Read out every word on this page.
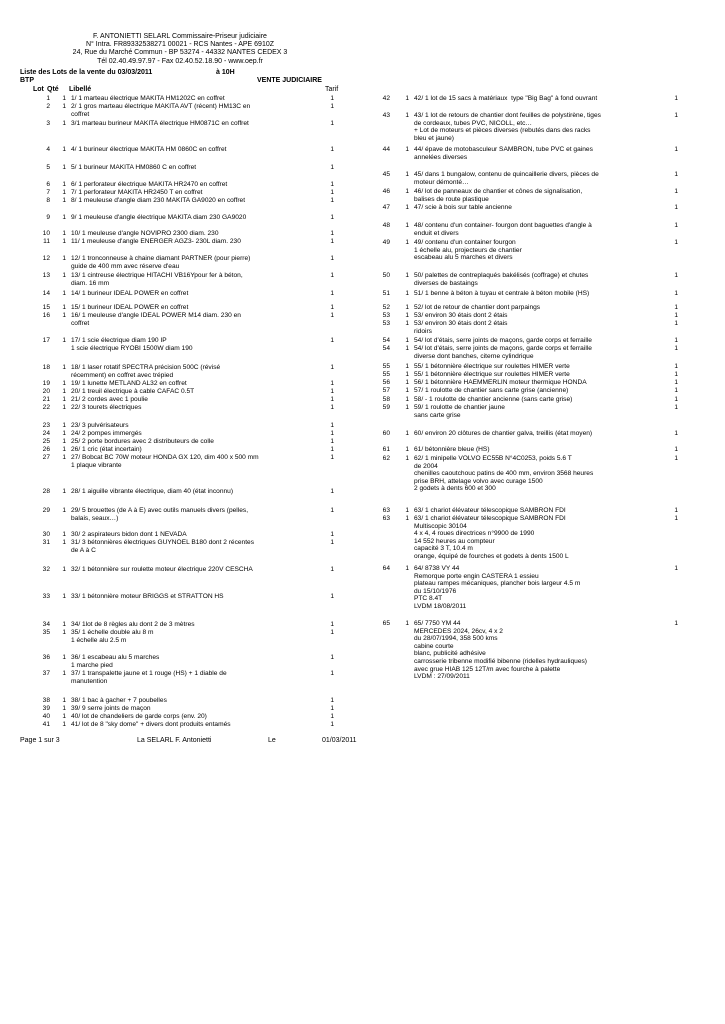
F. ANTONIETTI SELARL Commissaire-Priseur judiciaire
N° Intra. FR89332538271 00021 - RCS Nantes - APE 6910Z
24, Rue du Marché Commun - BP 53274 - 44332 NANTES CEDEX 3
Tél 02.40.49.97.97 - Fax 02.40.52.18.90 - www.oep.fr
Liste des Lots de la vente du 03/03/2011	à 10H
BTP	VENTE JUDICIAIRE
Lot Qté Libellé	Tarif
1	1 1/ 1 marteau électrique MAKITA HM1202C en coffret	1
2	1 2/ 1 gros marteau électrique MAKITA AVT (récent) HM13C en
coffret
1
3	1 3/1 marteau burineur MAKITA électrique HM0871C en coffret	1
4	1 4/ 1 burineur électrique MAKITA HM 0860C en coffret	1
5	1 5/ 1 burineur MAKITA HM0860 C en coffret	1
6	1 6/ 1 perforateur électrique MAKITA HR2470 en coffret	1
7	1 7/ 1 perforateur MAKITA HR2450 T en coffret	1
8	1 8/ 1 meuleuse d'angle diam 230 MAKITA GA9020 en coffret	1
9	1 9/ 1 meuleuse d'angle électrique MAKITA diam 230 GA9020	1
10	1 10/ 1 meuleuse d'angle NOVIPRO 2300 diam. 230	1
11	1 11/ 1 meuleuse d'angle ENERGER AGZ3- 230L diam. 230	1
12	1 12/ 1 tronconneuse à chaine diamant PARTNER (pour pierre)
guide de 400 mm avec réserve d'eau
1
13	1 13/ 1 cintreuse électrique HITACHI VB16Ypour fer à béton,
diam. 16 mm
1
14	1 14/ 1 burineur IDEAL POWER en coffret	1
15	1 15/ 1 burineur IDEAL POWER en coffret	1
16	1 16/ 1 meuleuse d'angle IDEAL POWER M14 diam. 230 en
coffret
1
17	1 17/ 1 scie électrique diam 190 IP
1 scie électrique RYOBI 1500W diam 190
1
18	1 18/ 1 laser rotatif SPECTRA précision 500C (révisé
récemment) en coffret avec trépied
1
19	1 19/ 1 lunette METLAND AL32 en coffret	1
20	1 20/ 1 treuil électrique à cable CAFAC 0.5T	1
21	1 21/ 2 cordes avec 1 poulie	1
22	1 22/ 3 tourets électriques	1
23	1 23/ 3 pulvérisateurs	1
24	1 24/ 2 pompes immergés	1
25	1 25/ 2 porte bordures avec 2 distributeurs de colle	1
26	1 26/ 1 cric (état incertain)	1
27	1 27/ Bobcat BC 70W moteur HONDA GX 120, dim 400 x 500 mm
1 plaque vibrante
1
28	1 28/ 1 aiguille vibrante électrique, diam 40 (état inconnu)	1
29	1 29/ 5 brouettes (de A à E) avec outils manuels divers (pelles,
balais, seaux…)
1
30	1 30/ 2 aspirateurs bidon dont 1 NEVADA	1
31	1 31/ 3 bétonnières électriques GUYNOEL B180 dont 2 récentes
de A à C
1
32	1 32/ 1 bétonnière sur roulette moteur électrique 220V CESCHA	1
33	1 33/ 1 bétonnière moteur BRIGGS et STRATTON HS	1
34	1 34/ 1lot de 8 règles alu dont 2 de 3 mètres	1
35	1 35/ 1 échelle double alu 8 m
1 échelle alu 2.5 m
1
36	1 36/ 1 escabeau alu 5 marches
1 marche pied
1
37	1 37/ 1 transpalette jaune et 1 rouge (HS) + 1 diable de
manutention
1
38	1 38/ 1 bac à gacher + 7 poubelles	1
39	1 39/ 9 serre joints de maçon	1
40	1 40/ lot de chandeliers de garde corps (env. 20)	1
41	1 41/ lot de 8 "sky dome" + divers dont produits entamés	1
42	1 42/ 1 lot de 15 sacs à matériaux  type "Big Bag" à fond ouvrant	1
43	1 43/ 1 lot de retours de chantier dont feuilles de polystirène, tiges
de cordeaux, tubes PVC, NICOLL, etc…
+ Lot de moteurs et pièces diverses (rebutés dans des racks
bleu et jaune)
1
44	1 44/ épave de motobasculeur SAMBRON, tube PVC et gaines
annelées diverses
1
45	1 45/ dans 1 bungalow, contenu de quincaillerie divers, pièces de
moteur démonté…
1
46	1 46/ lot de panneaux de chantier et cônes de signalisation,
balises de route plastique
1
47	1 47/ scie à bois sur table ancienne	1
48	1 48/ contenu d'un container- fourgon dont baguettes d'angle à
enduit et divers
1
49	1 49/ contenu d'un container fourgon
1 échelle alu, projecteurs de chantier
escabeau alu 5 marches et divers
1
50	1 50/ palettes de contreplaqués bakélisés (coffrage) et chutes
diverses de bastaings
1
51	1 51/ 1 benne à béton à tuyau et centrale à béton mobile (HS)	1
52	1 52/ lot de retour de chantier dont parpaings	1
53	1 53/ environ 30 étais dont 2 étais	1
53	1 53/ environ 30 étais dont 2 étais
ridoirs
1
54	1 54/ lot d'étais, serre joints de maçons, garde corps et ferraille	1
54	1 54/ lot d'étais, serre joints de maçons, garde corps et ferraille
diverse dont banches, citerne cylindrique
1
55	1 55/ 1 bétonnière électrique sur roulettes HIMER verte	1
55	1 55/ 1 bétonnière électrique sur roulettes HIMER verte	1
56	1 56/ 1 bétonnière HAEMMERLIN moteur thermique HONDA	1
57	1 57/ 1 roulotte de chantier sans carte grise (ancienne)	1
58	1 58/ - 1 roulotte de chantier ancienne (sans carte grise)	1
59	1 59/ 1 roulotte de chantier jaune
sans carte grise
1
60	1 60/ environ 20 clôtures de chantier galva, treillis (état moyen)	1
61	1 61/ bétonnière bleue (HS)	1
62	1 62/ 1 minipelle VOLVO EC55B N°4C0253, poids 5.6 T
de 2004
chenilles caoutchouc patins de 400 mm, environ 3568 heures
prise BRH, attelage volvo avec curage 1500
2 godets à dents 600 et 300
1
63	1 63/ 1 chariot élévateur télescopique SAMBRON FDI	1
63	1 63/ 1 chariot élévateur télescopique SAMBRON FDI
Multiscopic 30104
4 x 4, 4 roues directrices n°9900 de 1990
14 552 heures au compteur
capacité 3 T, 10.4 m
orange, équipé de fourches et godets à dents 1500 L
1
64	1 64/ 8738 VY 44
Remorque porte engin CASTERA 1 essieu
plateau rampes mécaniques, plancher bois largeur 4.5 m
du 15/10/1976
PTC 8.4T
LVDM 18/08/2011
1
65	1 65/ 7750 YM 44
MERCEDES 2024, 26cv, 4 x 2
du 28/07/1994, 358 500 kms
cabine courte
blanc, publicité adhésive
carrosserie tribenne modifié bibenne (ridelles hydrauliques)
avec grue HIAB 125 12T/m avec fourche à palette
LVDM : 27/09/2011
1
Page 1 sur 3	La SELARL F. Antonietti	Le	01/03/2011
